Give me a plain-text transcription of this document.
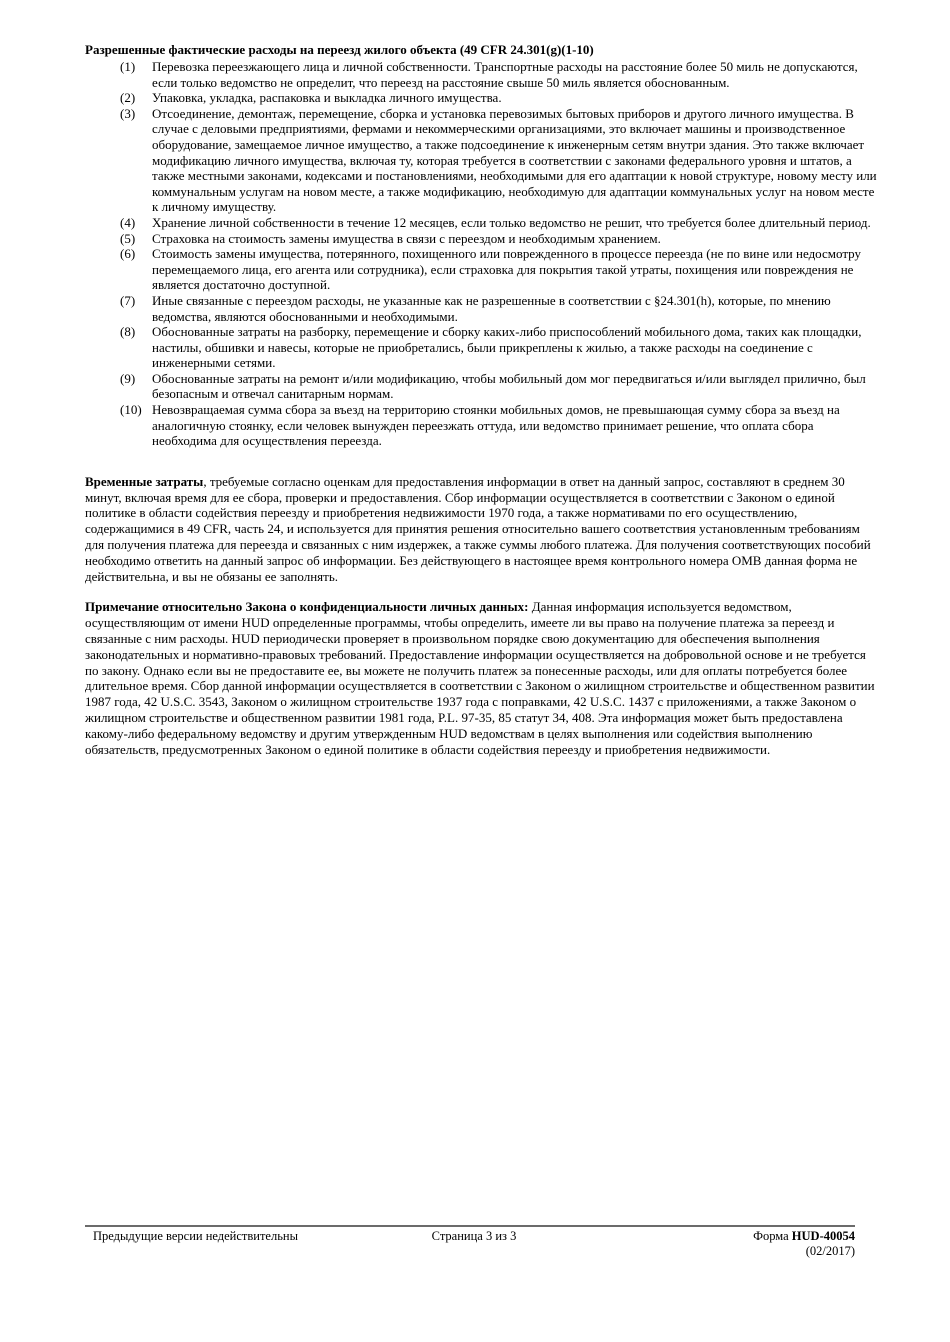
Разрешенные фактические расходы на переезд жилого объекта (49 CFR 24.301(g)(1-10)
(1)	Перевозка переезжающего лица и личной собственности. Транспортные расходы на расстояние более 50 миль не допускаются, если только ведомство не определит, что переезд на расстояние свыше 50 миль является обоснованным.
(2)	Упаковка, укладка, распаковка и выкладка личного имущества.
(3)	Отсоединение, демонтаж, перемещение, сборка и установка перевозимых бытовых приборов и другого личного имущества. В случае с деловыми предприятиями, фермами и некоммерческими организациями, это включает машины и производственное оборудование, замещаемое личное имущество, а также подсоединение к инженерным сетям внутри здания. Это также включает модификацию личного имущества, включая ту, которая требуется в соответствии с законами федерального уровня и штатов, а также местными законами, кодексами и постановлениями, необходимыми для его адаптации к новой структуре, новому месту или коммунальным услугам на новом месте, а также модификацию, необходимую для адаптации коммунальных услуг на новом месте к личному имуществу.
(4)	Хранение личной собственности в течение 12 месяцев, если только ведомство не решит, что требуется более длительный период.
(5)	Страховка на стоимость замены имущества в связи с переездом и необходимым хранением.
(6)	Стоимость замены имущества, потерянного, похищенного или поврежденного в процессе переезда (не по вине или недосмотру перемещаемого лица, его агента или сотрудника), если страховка для покрытия такой утраты, похищения или повреждения не является достаточно доступной.
(7)	Иные связанные с переездом расходы, не указанные как не разрешенные в соответствии с §24.301(h), которые, по мнению ведомства, являются обоснованными и необходимыми.
(8)	Обоснованные затраты на разборку, перемещение и сборку каких-либо приспособлений мобильного дома, таких как площадки, настилы, обшивки и навесы, которые не приобретались, были прикреплены к жилью, а также расходы на соединение с инженерными сетями.
(9)	Обоснованные затраты на ремонт и/или модификацию, чтобы мобильный дом мог передвигаться и/или выглядел прилично, был безопасным и отвечал санитарным нормам.
(10) Невозвращаемая сумма сбора за въезд на территорию стоянки мобильных домов, не превышающая сумму сбора за въезд на аналогичную стоянку, если человек вынужден переезжать оттуда, или ведомство принимает решение, что оплата сбора необходима для осуществления переезда.

Временные затраты, требуемые согласно оценкам для предоставления информации в ответ на данный запрос, составляют в среднем 30 минут, включая время для ее сбора, проверки и предоставления. Сбор информации осуществляется в соответствии с Законом о единой политике в области содействия переезду и приобретения недвижимости 1970 года, а также нормативами по его осуществлению, содержащимися в 49 CFR, часть 24, и используется для принятия решения относительно вашего соответствия установленным требованиям для получения платежа для переезда и связанных с ним издержек, а также суммы любого платежа. Для получения соответствующих пособий необходимо ответить на данный запрос об информации. Без действующего в настоящее время контрольного номера OMB данная форма не действительна, и вы не обязаны ее заполнять.

Примечание относительно Закона о конфиденциальности личных данных: Данная информация используется ведомством, осуществляющим от имени HUD определенные программы, чтобы определить, имеете ли вы право на получение платежа за переезд и связанные с ним расходы. HUD периодически проверяет в произвольном порядке свою документацию для обеспечения выполнения законодательных и нормативно-правовых требований. Предоставление информации осуществляется на добровольной основе и не требуется по закону. Однако если вы не предоставите ее, вы можете не получить платеж за понесенные расходы, или для оплаты потребуется более длительное время. Сбор данной информации осуществляется в соответствии с Законом о жилищном строительстве и общественном развитии 1987 года, 42 U.S.C. 3543, Законом о жилищном строительстве 1937 года с поправками, 42 U.S.C. 1437 с приложениями, а также Законом о жилищном строительстве и общественном развитии 1981 года, P.L. 97-35, 85 статут 34, 408. Эта информация может быть предоставлена какому-либо федеральному ведомству и другим утвержденным HUD ведомствам в целях выполнения или содействия выполнению обязательств, предусмотренных Законом о единой политике в области содействия переезду и приобретения недвижимости.

Предыдущие версии недействительны	Страница 3 из 3	Форма HUD-40054
(02/2017)
